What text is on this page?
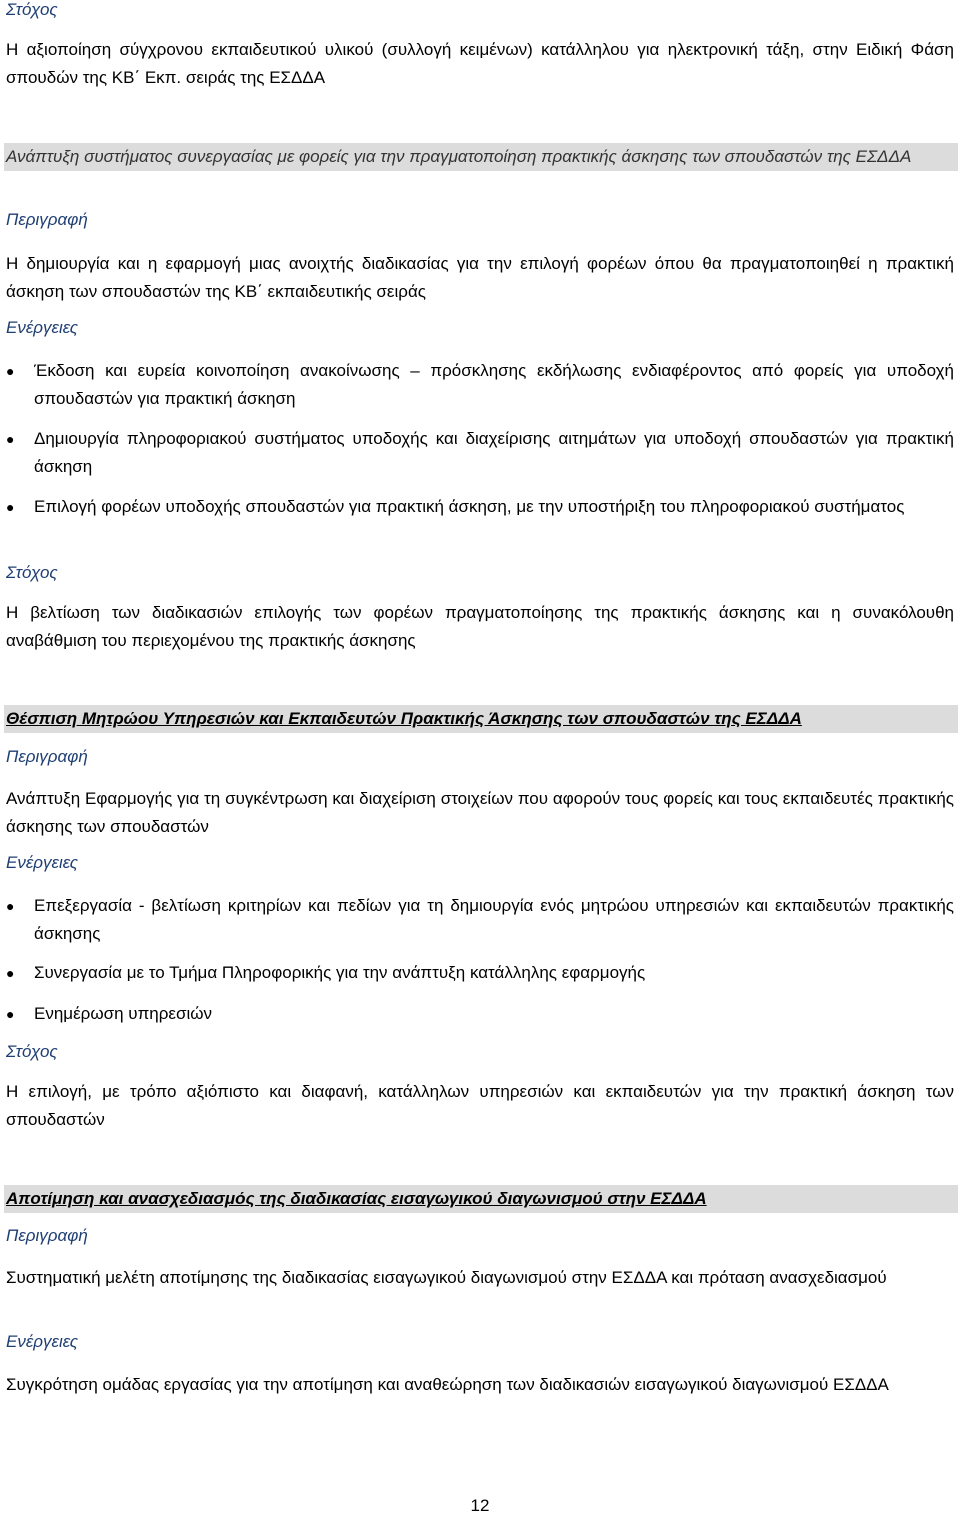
Στόχος

Η αξιοποίηση σύγχρονου εκπαιδευτικού υλικού (συλλογή κειμένων) κατάλληλου για ηλεκτρονική τάξη, στην Ειδική Φάση σπουδών της ΚΒ΄ Εκπ. σειράς της ΕΣΔΔΑ

Ανάπτυξη συστήματος συνεργασίας με φορείς για την πραγματοποίηση πρακτικής άσκησης των σπουδαστών της ΕΣΔΔΑ

Περιγραφή

Η δημιουργία και η εφαρμογή μιας ανοιχτής διαδικασίας για την επιλογή φορέων όπου θα πραγματοποιηθεί η πρακτική άσκηση των σπουδαστών της ΚΒ΄ εκπαιδευτικής σειράς

Ενέργειες

●	Έκδοση και ευρεία κοινοποίηση ανακοίνωσης – πρόσκλησης εκδήλωσης ενδιαφέροντος από φορείς για υποδοχή σπουδαστών για πρακτική άσκηση
●	Δημιουργία πληροφοριακού συστήματος υποδοχής και διαχείρισης αιτημάτων για υποδοχή σπουδαστών για πρακτική άσκηση
●	Επιλογή φορέων υποδοχής σπουδαστών για πρακτική άσκηση, με την υποστήριξη του πληροφοριακού συστήματος

Στόχος

Η βελτίωση των διαδικασιών επιλογής των φορέων πραγματοποίησης της πρακτικής άσκησης και η συνακόλουθη αναβάθμιση του περιεχομένου της πρακτικής άσκησης

Θέσπιση Μητρώου Υπηρεσιών και Εκπαιδευτών Πρακτικής Άσκησης των σπουδαστών της ΕΣΔΔΑ

Περιγραφή

Ανάπτυξη Εφαρμογής για τη συγκέντρωση και διαχείριση στοιχείων που αφορούν τους φορείς και τους εκπαιδευτές πρακτικής άσκησης των σπουδαστών

Ενέργειες

●	Επεξεργασία - βελτίωση κριτηρίων και πεδίων για τη δημιουργία ενός μητρώου υπηρεσιών και εκπαιδευτών πρακτικής άσκησης
●	Συνεργασία με το Τμήμα Πληροφορικής για την ανάπτυξη κατάλληλης εφαρμογής
●	Ενημέρωση υπηρεσιών

Στόχος

Η επιλογή, με τρόπο αξιόπιστο και διαφανή, κατάλληλων υπηρεσιών και εκπαιδευτών για την πρακτική άσκηση των σπουδαστών

Αποτίμηση και ανασχεδιασμός της διαδικασίας εισαγωγικού διαγωνισμού στην ΕΣΔΔΑ

Περιγραφή

Συστηματική μελέτη αποτίμησης της διαδικασίας εισαγωγικού διαγωνισμού στην ΕΣΔΔΑ και πρόταση ανασχεδιασμού

Ενέργειες

Συγκρότηση ομάδας εργασίας για την αποτίμηση και αναθεώρηση των διαδικασιών εισαγωγικού διαγωνισμού ΕΣΔΔΑ

12
